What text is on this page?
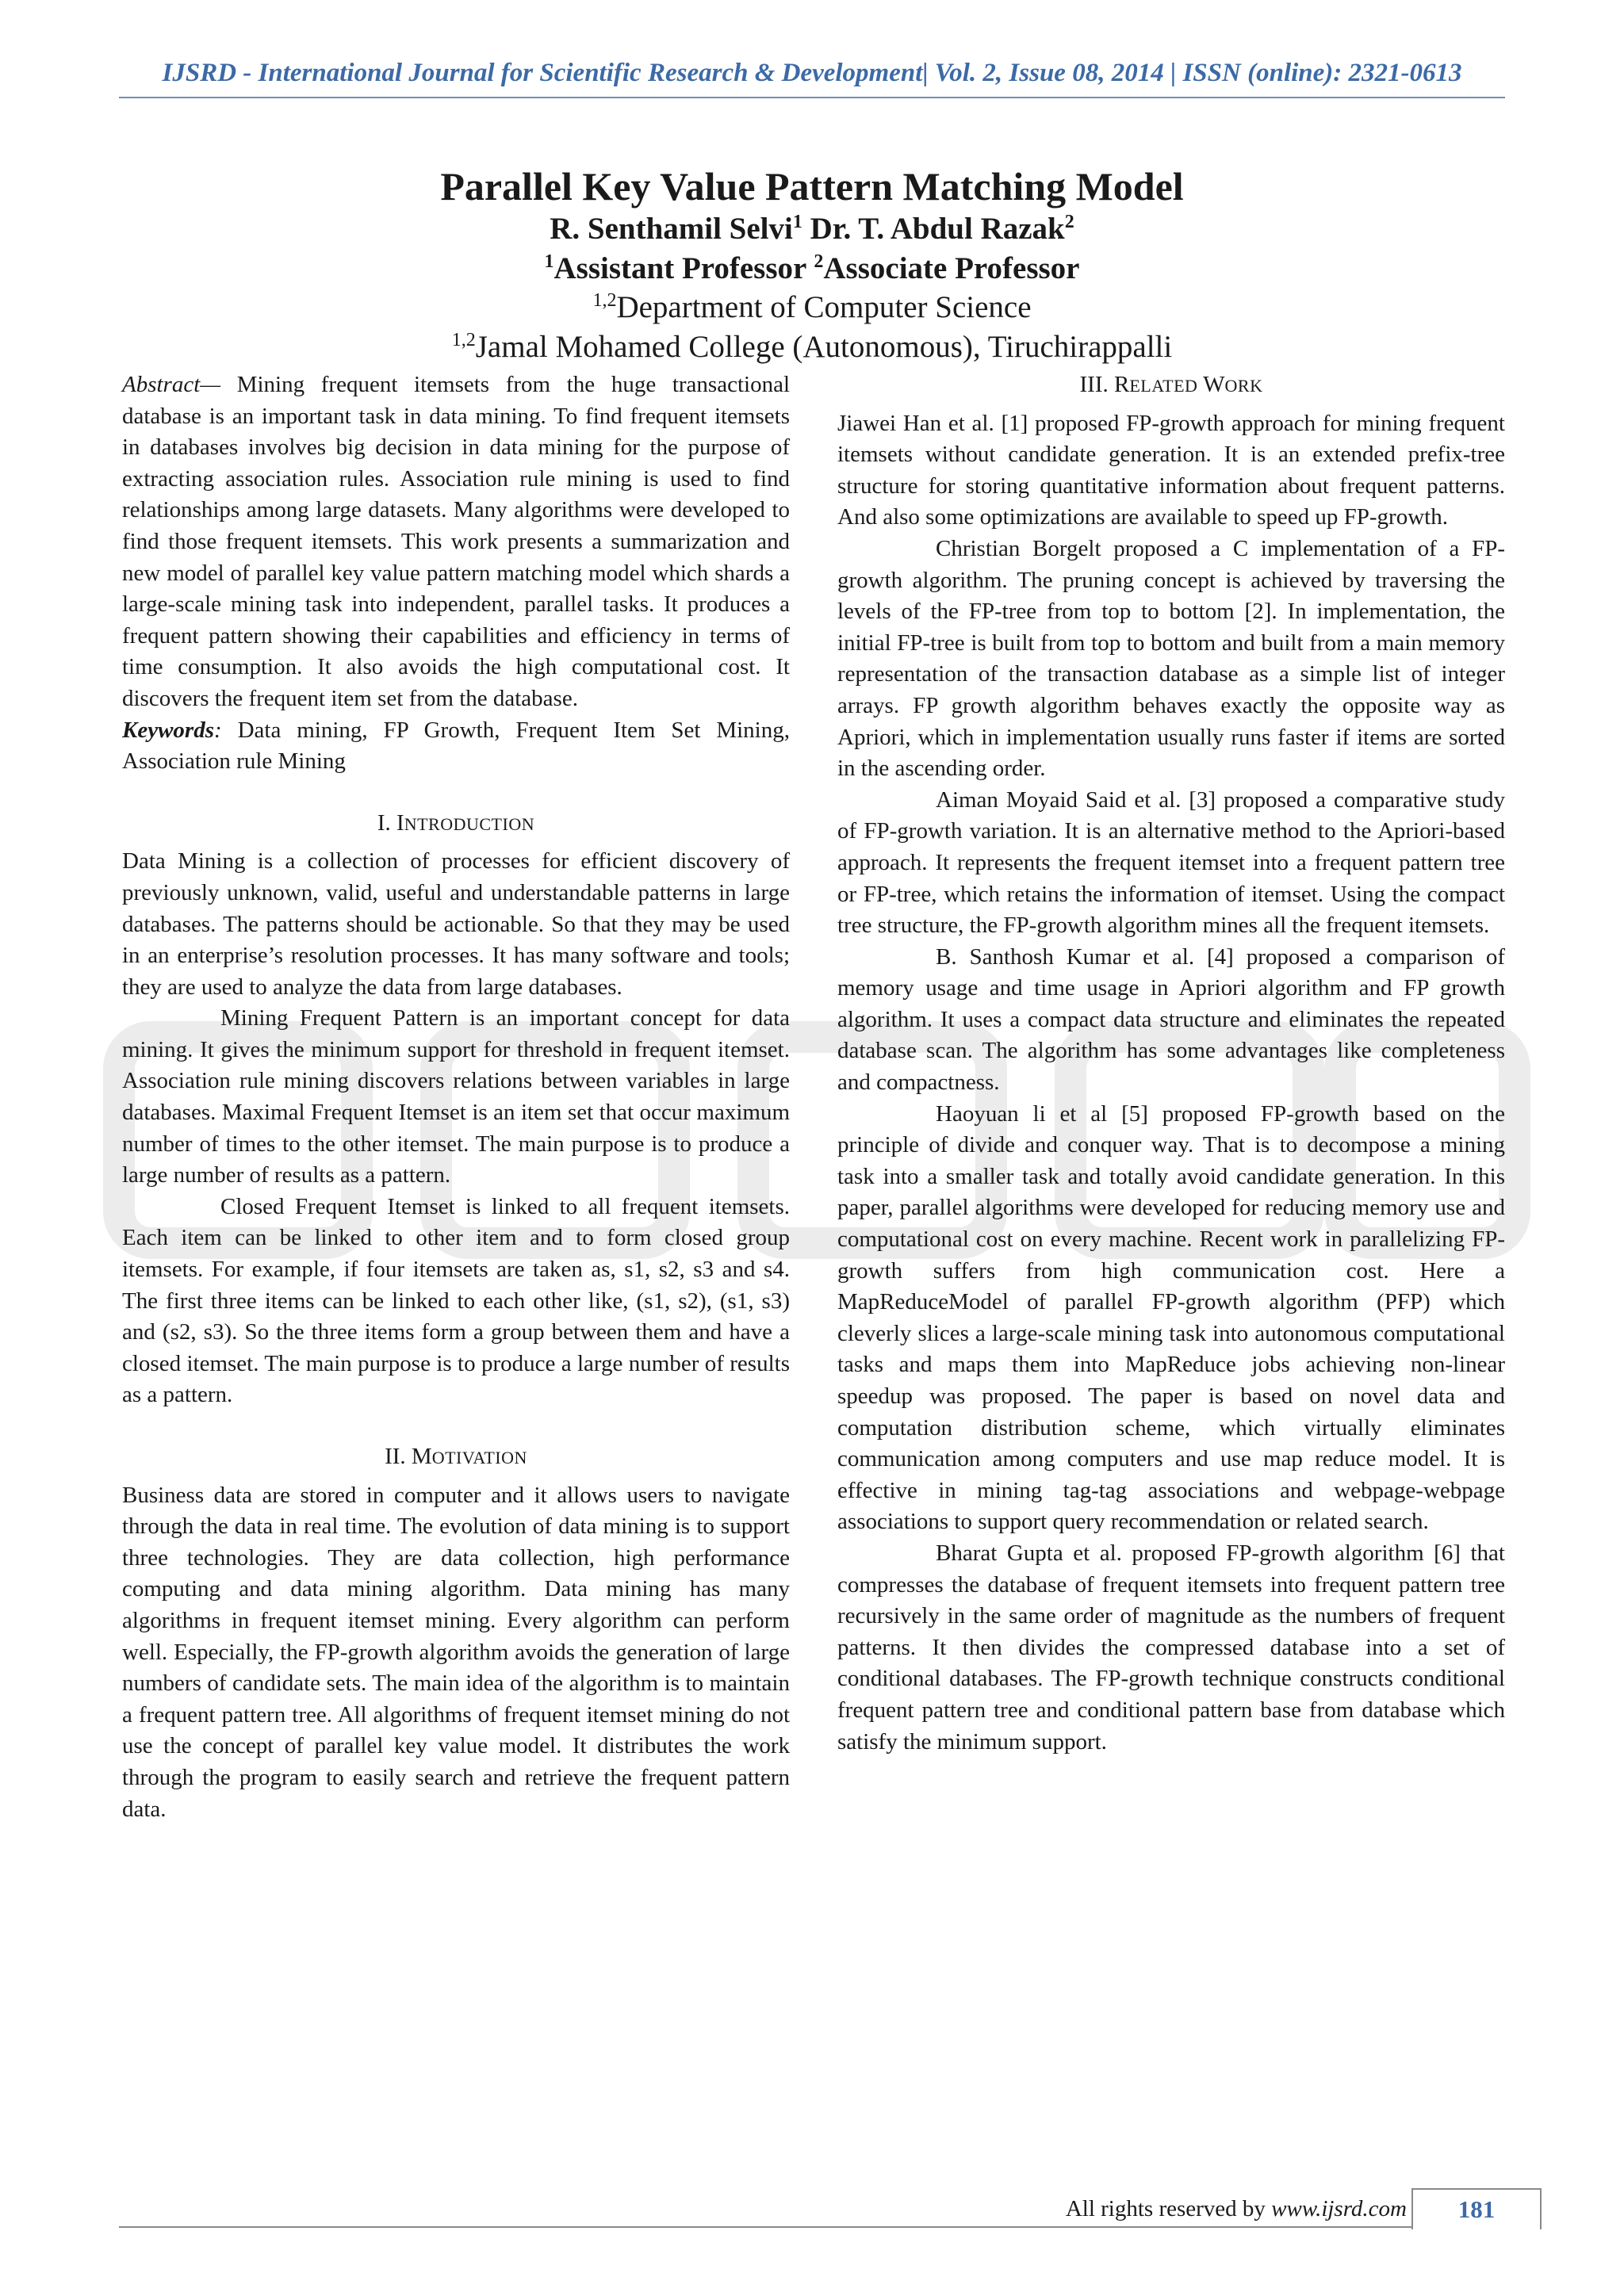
IJSRD - International Journal for Scientific Research & Development| Vol. 2, Issue 08, 2014 | ISSN (online): 2321-0613
Parallel Key Value Pattern Matching Model
R. Senthamil Selvi$^1$ Dr. T. Abdul Razak$^2$
$^1$Assistant Professor $^2$Associate Professor
$^{1,2}$Department of Computer Science
$^{1,2}$Jamal Mohamed College (Autonomous), Tiruchirappalli

Abstract— Mining frequent itemsets from the huge transactional database is an important task in data mining. To find frequent itemsets in databases involves big decision in data mining for the purpose of extracting association rules. Association rule mining is used to find relationships among large datasets. Many algorithms were developed to find those frequent itemsets. This work presents a summarization and new model of parallel key value pattern matching model which shards a large-scale mining task into independent, parallel tasks. It produces a frequent pattern showing their capabilities and efficiency in terms of time consumption. It also avoids the high computational cost. It discovers the frequent item set from the database.

Keywords: Data mining, FP Growth, Frequent Item Set Mining, Association rule Mining

I. INTRODUCTION

Data Mining is a collection of processes for efficient discovery of previously unknown, valid, useful and understandable patterns in large databases. The patterns should be actionable. So that they may be used in an enterprise’s resolution processes. It has many software and tools; they are used to analyze the data from large databases.

Mining Frequent Pattern is an important concept for data mining. It gives the minimum support for threshold in frequent itemset. Association rule mining discovers relations between variables in large databases. Maximal Frequent Itemset is an item set that occur maximum number of times to the other itemset. The main purpose is to produce a large number of results as a pattern.

Closed Frequent Itemset is linked to all frequent itemsets. Each item can be linked to other item and to form closed group itemsets. For example, if four itemsets are taken as, s1, s2, s3 and s4. The first three items can be linked to each other like, (s1, s2), (s1, s3) and (s2, s3). So the three items form a group between them and have a closed itemset. The main purpose is to produce a large number of results as a pattern.

II. MOTIVATION

Business data are stored in computer and it allows users to navigate through the data in real time. The evolution of data mining is to support three technologies. They are data collection, high performance computing and data mining algorithm. Data mining has many algorithms in frequent itemset mining. Every algorithm can perform well. Especially, the FP-growth algorithm avoids the generation of large numbers of candidate sets. The main idea of the algorithm is to maintain a frequent pattern tree. All algorithms of frequent itemset mining do not use the concept of parallel key value model. It distributes the work through the program to easily search and retrieve the frequent pattern data.

III. RELATED WORK

Jiawei Han et al. [1] proposed FP-growth approach for mining frequent itemsets without candidate generation. It is an extended prefix-tree structure for storing quantitative information about frequent patterns. And also some optimizations are available to speed up FP-growth.

Christian Borgelt proposed a C implementation of a FP-growth algorithm. The pruning concept is achieved by traversing the levels of the FP-tree from top to bottom [2]. In implementation, the initial FP-tree is built from top to bottom and built from a main memory representation of the transaction database as a simple list of integer arrays. FP growth algorithm behaves exactly the opposite way as Apriori, which in implementation usually runs faster if items are sorted in the ascending order.

Aiman Moyaid Said et al. [3] proposed a comparative study of FP-growth variation. It is an alternative method to the Apriori-based approach. It represents the frequent itemset into a frequent pattern tree or FP-tree, which retains the information of itemset. Using the compact tree structure, the FP-growth algorithm mines all the frequent itemsets.

B. Santhosh Kumar et al. [4] proposed a comparison of memory usage and time usage in Apriori algorithm and FP growth algorithm. It uses a compact data structure and eliminates the repeated database scan. The algorithm has some advantages like completeness and compactness.

Haoyuan li et al [5] proposed FP-growth based on the principle of divide and conquer way. That is to decompose a mining task into a smaller task and totally avoid candidate generation. In this paper, parallel algorithms were developed for reducing memory use and computational cost on every machine. Recent work in parallelizing FP-growth suffers from high communication cost. Here a MapReduceModel of parallel FP-growth algorithm (PFP) which cleverly slices a large-scale mining task into autonomous computational tasks and maps them into MapReduce jobs achieving non-linear speedup was proposed. The paper is based on novel data and computation distribution scheme, which virtually eliminates communication among computers and use map reduce model. It is effective in mining tag-tag associations and webpage-webpage associations to support query recommendation or related search.

Bharat Gupta et al. proposed FP-growth algorithm [6] that compresses the database of frequent itemsets into frequent pattern tree recursively in the same order of magnitude as the numbers of frequent patterns. It then divides the compressed database into a set of conditional databases. The FP-growth technique constructs conditional frequent pattern tree and conditional pattern base from database which satisfy the minimum support.

All rights reserved by www.ijsrd.com	181
